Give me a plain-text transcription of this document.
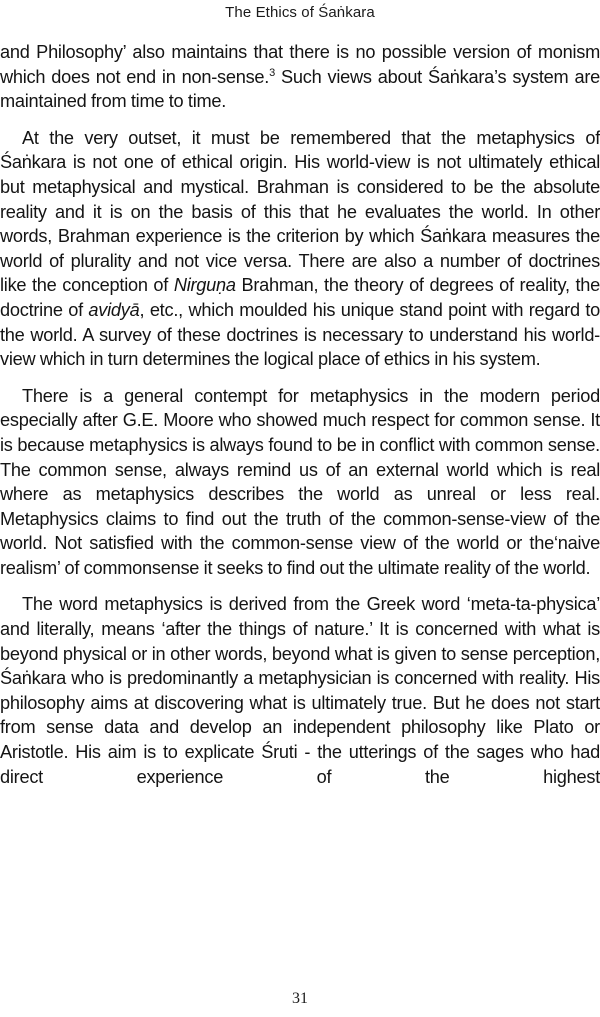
The Ethics of Śaṅkara

and Philosophy’ also maintains that there is no possible version of monism which does not end in non-sense.$^3$ Such views about Śaṅkara’s system are maintained from time to time.

At the very outset, it must be remembered that the metaphysics of Śaṅkara is not one of ethical origin. His world-view is not ultimately ethical but metaphysical and mystical. Brahman is considered to be the absolute reality and it is on the basis of this that he evaluates the world. In other words, Brahman experience is the criterion by which Śaṅkara measures the world of plurality and not vice versa. There are also a number of doctrines like the conception of Nirguṇa Brahman, the theory of degrees of reality, the doctrine of avidyā, etc., which moulded his unique stand point with regard to the world. A survey of these doctrines is necessary to understand his world-view which in turn determines the logical place of ethics in his system.

There is a general contempt for metaphysics in the modern period especially after G.E. Moore who showed much respect for common sense. It is because metaphysics is always found to be in conflict with common sense. The common sense, always remind us of an external world which is real where as metaphysics describes the world as unreal or less real. Metaphysics claims to find out the truth of the common-sense-view of the world. Not satisfied with the common-sense view of the world or the‘naive realism’ of commonsense it seeks to find out the ultimate reality of the world.

The word metaphysics is derived from the Greek word ‘meta-ta-physica’ and literally, means ‘after the things of nature.’ It is concerned with what is beyond physical or in other words, beyond what is given to sense perception, Śaṅkara who is predominantly a metaphysician is concerned with reality. His philosophy aims at discovering what is ultimately true. But he does not start from sense data and develop an independent philosophy like Plato or Aristotle. His aim is to explicate Śruti - the utterings of the sages who had direct experience of the highest

31
